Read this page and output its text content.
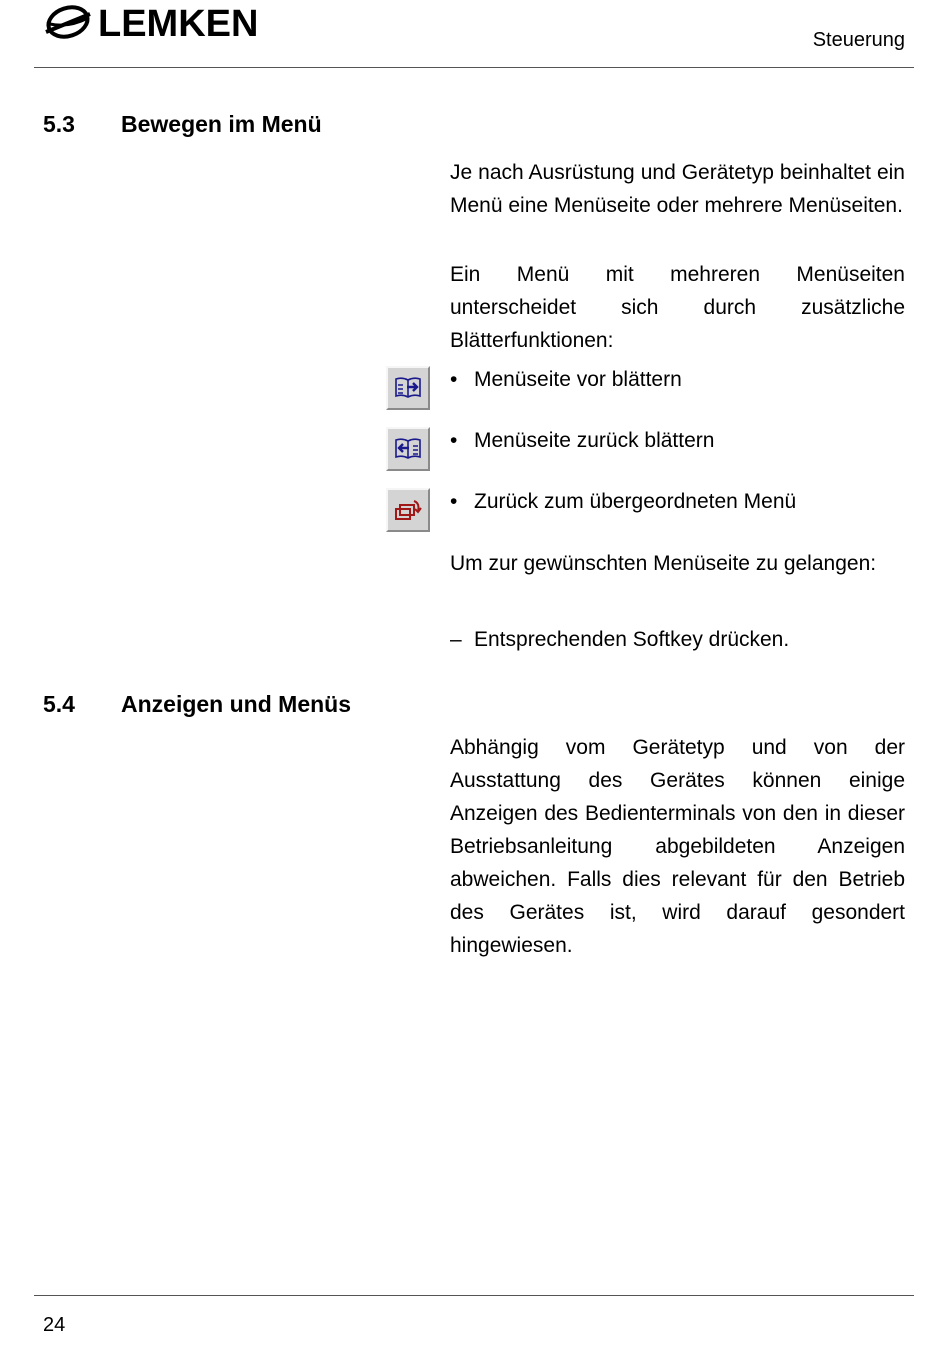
LEMKEN	Steuerung
5.3 Bewegen im Menü

Je nach Ausrüstung und Gerätetyp beinhaltet ein Menü eine Menüseite oder mehrere Menüseiten.

Ein Menü mit mehreren Menüseiten unterscheidet sich durch zusätzliche Blätterfunktionen:

• Menüseite vor blättern
• Menüseite zurück blättern
• Zurück zum übergeordneten Menü

Um zur gewünschten Menüseite zu gelangen:

– Entsprechenden Softkey drücken.
5.4 Anzeigen und Menüs

Abhängig vom Gerätetyp und von der Ausstattung des Gerätes können einige Anzeigen des Bedienterminals von den in dieser Betriebsanleitung abgebildeten Anzeigen abweichen. Falls dies relevant für den Betrieb des Gerätes ist, wird darauf gesondert hingewiesen.

24
